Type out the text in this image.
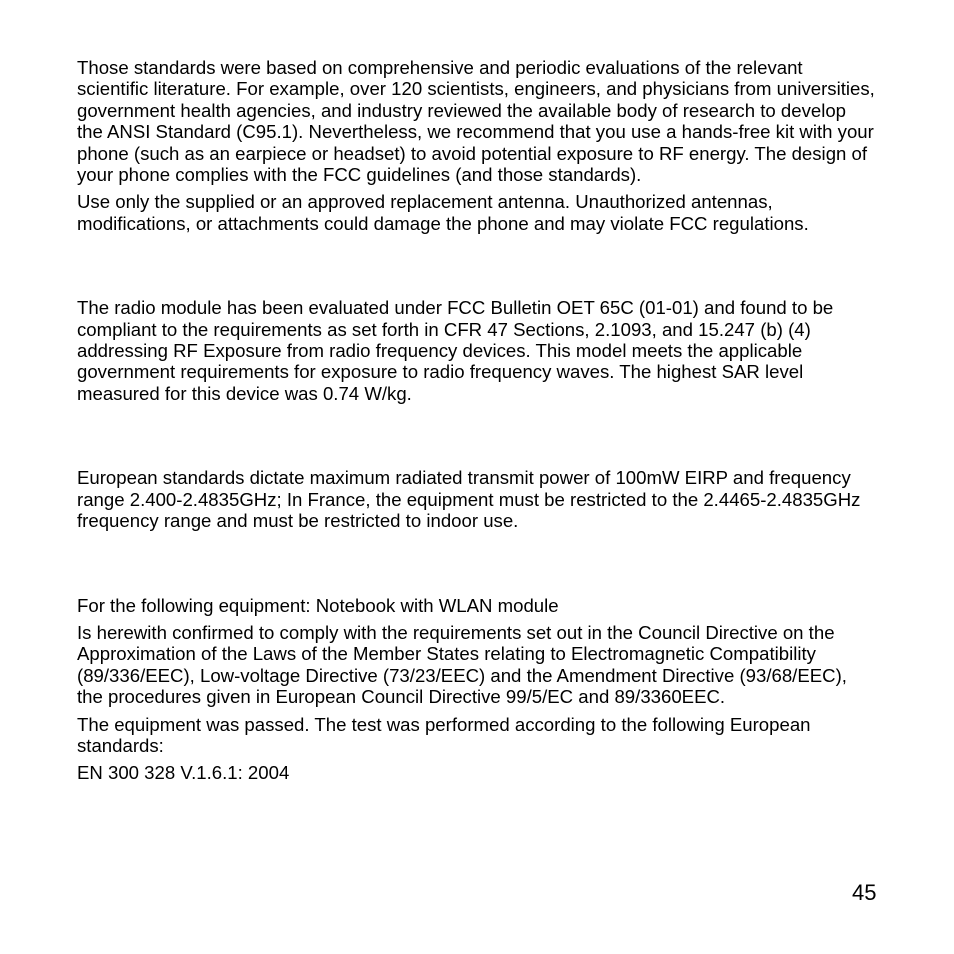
Those standards were based on comprehensive and periodic evaluations of the relevant scientific literature. For example, over 120 scientists, engineers, and physicians from universities, government health agencies, and industry reviewed the available body of research to develop the ANSI Standard (C95.1). Nevertheless, we recommend that you use a hands-free kit with your phone (such as an earpiece or headset) to avoid potential exposure to RF energy. The design of your phone complies with the FCC guidelines (and those standards).

Use only the supplied or an approved replacement antenna. Unauthorized antennas, modifications, or attachments could damage the phone and may violate FCC regulations.

The radio module has been evaluated under FCC Bulletin OET 65C (01-01) and found to be compliant to the requirements as set forth in CFR 47 Sections, 2.1093, and 15.247 (b) (4) addressing RF Exposure from radio frequency devices. This model meets the applicable government requirements for exposure to radio frequency waves. The highest SAR level measured for this device was 0.74 W/kg.

European standards dictate maximum radiated transmit power of 100mW EIRP and frequency range 2.400-2.4835GHz; In France, the equipment must be restricted to the 2.4465-2.4835GHz frequency range and must be restricted to indoor use.

For the following equipment: Notebook with WLAN module

Is herewith confirmed to comply with the requirements set out in the Council Directive on the Approximation of the Laws of the Member States relating to Electromagnetic Compatibility (89/336/EEC), Low-voltage Directive (73/23/EEC) and the Amendment Directive (93/68/EEC), the procedures given in European Council Directive 99/5/EC and 89/3360EEC.

The equipment was passed. The test was performed according to the following European standards:

EN 300 328 V.1.6.1: 2004

45
